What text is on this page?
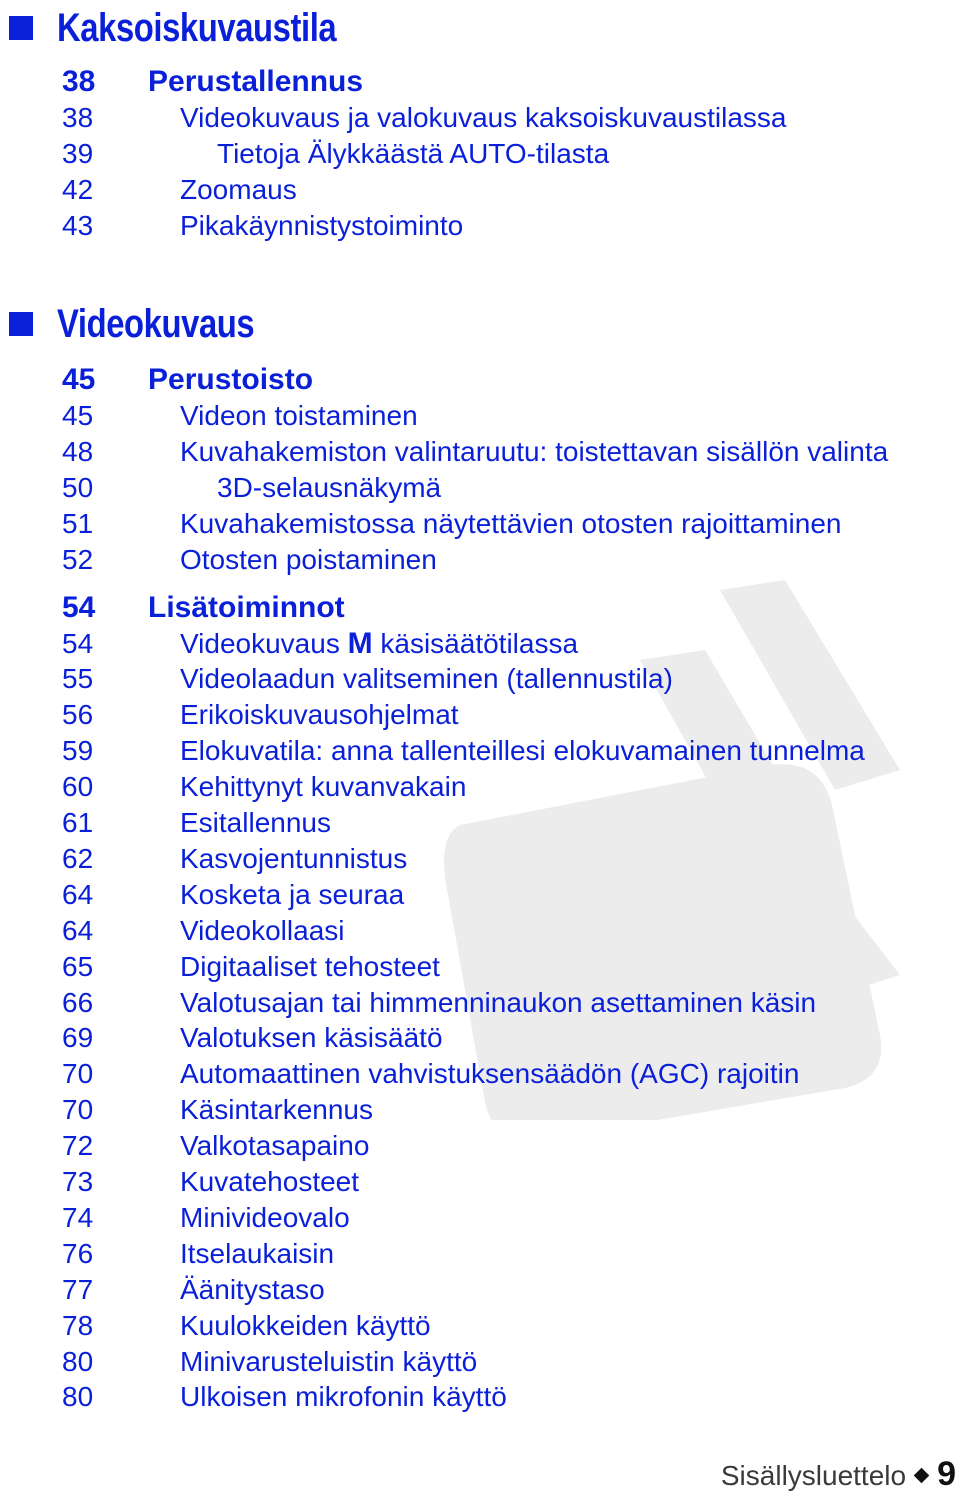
Kaksoiskuvaustila
38 Perustallennus
38	Videokuvaus ja valokuvaus kaksoiskuvaustilassa
39	Tietoja Älykkäästä AUTO-tilasta
42	Zoomaus
43	Pikakäynnistystoiminto
Videokuvaus
45 Perustoisto
45	Videon toistaminen
48	Kuvahakemiston valintaruutu: toistettavan sisällön valinta
50	3D-selausnäkymä
51	Kuvahakemistossa näytettävien otosten rajoittaminen
52	Otosten poistaminen
54 Lisätoiminnot
54	Videokuvaus M käsisäätötilassa
55	Videolaadun valitseminen (tallennustila)
56	Erikoiskuvausohjelmat
59	Elokuvatila: anna tallenteillesi elokuvamainen tunnelma
60	Kehittynyt kuvanvakain
61	Esitallennus
62	Kasvojentunnistus
64	Kosketa ja seuraa
64	Videokollaasi
65	Digitaaliset tehosteet
66	Valotusajan tai himmenninaukon asettaminen käsin
69	Valotuksen käsisäätö
70	Automaattinen vahvistuksensäädön (AGC) rajoitin
70	Käsintarkennus
72	Valkotasapaino
73	Kuvatehosteet
74	Minivideovalo
76	Itselaukaisin
77	Äänitystaso
78	Kuulokkeiden käyttö
80	Minivarusteluistin käyttö
80	Ulkoisen mikrofonin käyttö
Sisällysluettelo 9
